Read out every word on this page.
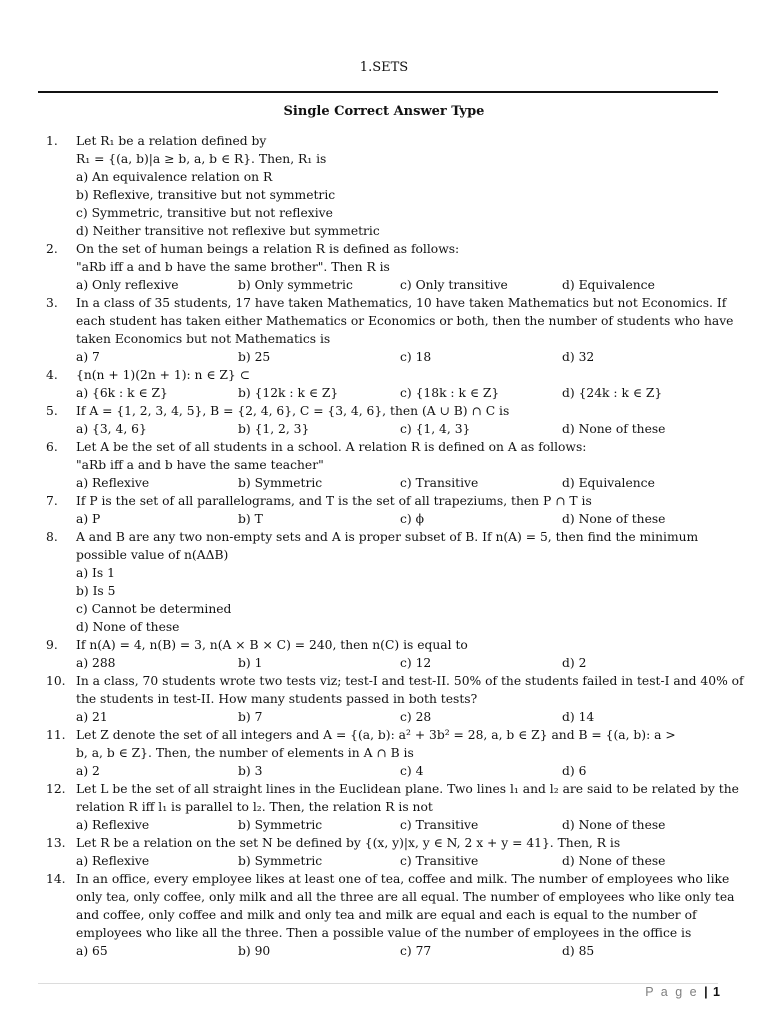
1.SETS
Single Correct Answer Type
1.	Let R₁ be a relation defined by
R₁ = {(a, b)|a ≥ b, a, b ∈ R}. Then, R₁ is
a) An equivalence relation on R
b) Reflexive, transitive but not symmetric
c) Symmetric, transitive but not reflexive
d) Neither transitive not reflexive but symmetric
2.	On the set of human beings a relation R is defined as follows:
"aRb iff a and b have the same brother". Then R is
a) Only reflexive	b) Only symmetric	c) Only transitive	d) Equivalence
3.	In a class of 35 students, 17 have taken Mathematics, 10 have taken Mathematics but not Economics. If
each student has taken either Mathematics or Economics or both, then the number of students who have
taken Economics but not Mathematics is
a) 7	b) 25	c) 18	d) 32
4.	{n(n + 1)(2n + 1): n ∈ Z} ⊂
a) {6k : k ∈ Z}	b) {12k : k ∈ Z}	c) {18k : k ∈ Z}	d) {24k : k ∈ Z}
5.	If A = {1, 2, 3, 4, 5}, B = {2, 4, 6}, C = {3, 4, 6}, then (A ∪ B) ∩ C is
a) {3, 4, 6}	b) {1, 2, 3}	c) {1, 4, 3}	d) None of these
6.	Let A be the set of all students in a school. A relation R is defined on A as follows:
"aRb iff a and b have the same teacher"
a) Reflexive	b) Symmetric	c) Transitive	d) Equivalence
7.	If P is the set of all parallelograms, and T is the set of all trapeziums, then P ∩ T is
a) P	b) T	c) ϕ	d) None of these
8.	A and B are any two non-empty sets and A is proper subset of B. If n(A) = 5, then find the minimum
possible value of n(AΔB)
a) Is 1
b) Is 5
c) Cannot be determined
d) None of these
9.	If n(A) = 4, n(B) = 3, n(A × B × C) = 240, then n(C) is equal to
a) 288	b) 1	c) 12	d) 2
10. In a class, 70 students wrote two tests viz; test-I and test-II. 50% of the students failed in test-I and 40% of
the students in test-II. How many students passed in both tests?
a) 21	b) 7	c) 28	d) 14
11. Let Z denote the set of all integers and A = {(a, b): a² + 3b² = 28, a, b ∈ Z} and B = {(a, b): a >
b, a, b ∈ Z}. Then, the number of elements in A ∩ B is
a) 2	b) 3	c) 4	d) 6
12. Let L be the set of all straight lines in the Euclidean plane. Two lines l₁ and l₂ are said to be related by the
relation R iff l₁ is parallel to l₂. Then, the relation R is not
a) Reflexive	b) Symmetric	c) Transitive	d) None of these
13. Let R be a relation on the set N be defined by {(x, y)|x, y ∈ N, 2 x + y = 41}. Then, R is
a) Reflexive	b) Symmetric	c) Transitive	d) None of these
14. In an office, every employee likes at least one of tea, coffee and milk. The number of employees who like
only tea, only coffee, only milk and all the three are all equal. The number of employees who like only tea
and coffee, only coffee and milk and only tea and milk are equal and each is equal to the number of
employees who like all the three. Then a possible value of the number of employees in the office is
a) 65	b) 90	c) 77	d) 85
P a g e | 1
